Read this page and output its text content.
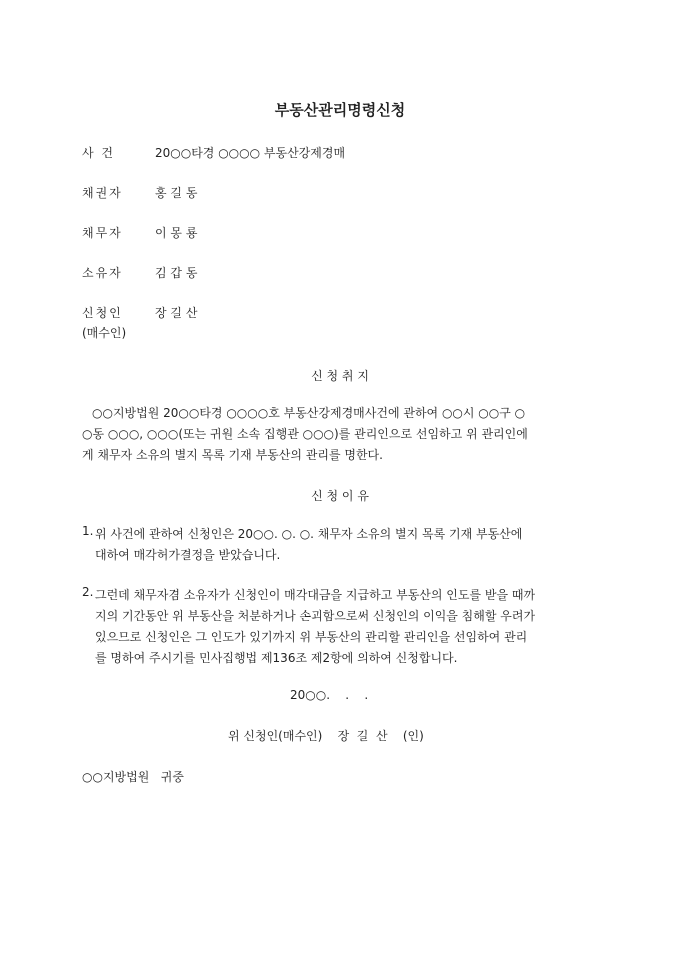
부동산관리명령신청
사 건	20○○타경 ○○○○ 부동산강제경매
채권자	홍 길 동
채무자	이 몽 룡
소유자	김 갑 동
신청인	장 길 산
(매수인)
신 청 취 지
○○지방법원 20○○타경 ○○○○호 부동산강제경매사건에 관하여 ○○시 ○○구 ○
○동 ○○○, ○○○(또는 귀원 소속 집행관 ○○○)를 관리인으로 선임하고 위 관리인에
게 채무자 소유의 별지 목록 기재 부동산의 관리를 명한다.
신 청 이 유
1. 위 사건에 관하여 신청인은 20○○. ○. ○. 채무자 소유의 별지 목록 기재 부동산에
대하여 매각허가결정을 받았습니다.
2. 그런데 채무자겸 소유자가 신청인이 매각대금을 지급하고 부동산의 인도를 받을 때까
지의 기간동안 위 부동산을 처분하거나 손괴함으로써 신청인의 이익을 침해할 우려가
있으므로 신청인은 그 인도가 있기까지 위 부동산의 관리할 관리인을 선임하여 관리
를 명하여 주시기를 민사집행법 제136조 제2항에 의하여 신청합니다.
20○○.    .    .
위 신청인(매수인)    장  길  산    (인)
○○지방법원   귀중
